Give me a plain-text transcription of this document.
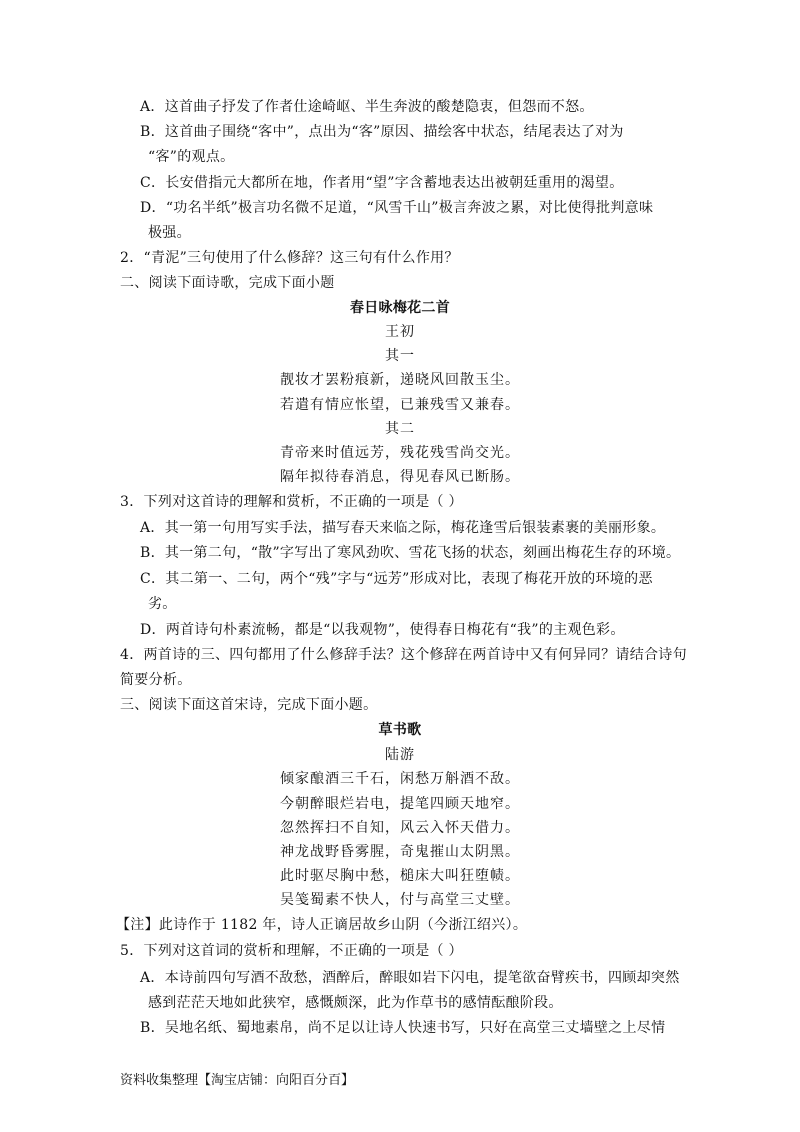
A．这首曲子抒发了作者仕途崎岖、半生奔波的酸楚隐衷，但怨而不怒。
B．这首曲子围绕“客中”，点出为“客”原因、描绘客中状态，结尾表达了对为
“客”的观点。
C．长安借指元大都所在地，作者用“望”字含蓄地表达出被朝廷重用的渴望。
D．“功名半纸”极言功名微不足道，“风雪千山”极言奔波之累，对比使得批判意味
极强。
2．“青泥”三句使用了什么修辞？这三句有什么作用？
二、阅读下面诗歌，完成下面小题
春日咏梅花二首
王初
其一
靓妆才罢粉痕新，递晓风回散玉尘。
若遣有情应怅望，已兼残雪又兼春。
其二
青帝来时值远芳，残花残雪尚交光。
隔年拟待春消息，得见春风已断肠。
3．下列对这首诗的理解和赏析，不正确的一项是（ ）
A．其一第一句用写实手法，描写春天来临之际，梅花逢雪后银装素裹的美丽形象。
B．其一第二句，“散”字写出了寒风劲吹、雪花飞扬的状态，刻画出梅花生存的环境。
C．其二第一、二句，两个“残”字与“远芳”形成对比，表现了梅花开放的环境的恶
劣。
D．两首诗句朴素流畅，都是“以我观物”，使得春日梅花有“我”的主观色彩。
4．两首诗的三、四句都用了什么修辞手法？这个修辞在两首诗中又有何异同？请结合诗句
简要分析。
三、阅读下面这首宋诗，完成下面小题。
草书歌
陆游
倾家酿酒三千石，闲愁万斛酒不敌。
今朝醉眼烂岩电，提笔四顾天地窄。
忽然挥扫不自知，风云入怀天借力。
神龙战野昏雾腥，奇鬼摧山太阴黑。
此时驱尽胸中愁，槌床大叫狂堕帻。
吴笺蜀素不快人，付与高堂三丈壁。
【注】此诗作于 1182 年，诗人正谪居故乡山阴（今浙江绍兴）。
5．下列对这首词的赏析和理解，不正确的一项是（ ）
A．本诗前四句写酒不敌愁，酒醉后，醉眼如岩下闪电，提笔欲奋臂疾书，四顾却突然
感到茫茫天地如此狭窄，感慨颇深，此为作草书的感情酝酿阶段。
B．吴地名纸、蜀地素帛，尚不足以让诗人快速书写，只好在高堂三丈墙壁之上尽情
资料收集整理【淘宝店铺：向阳百分百】
